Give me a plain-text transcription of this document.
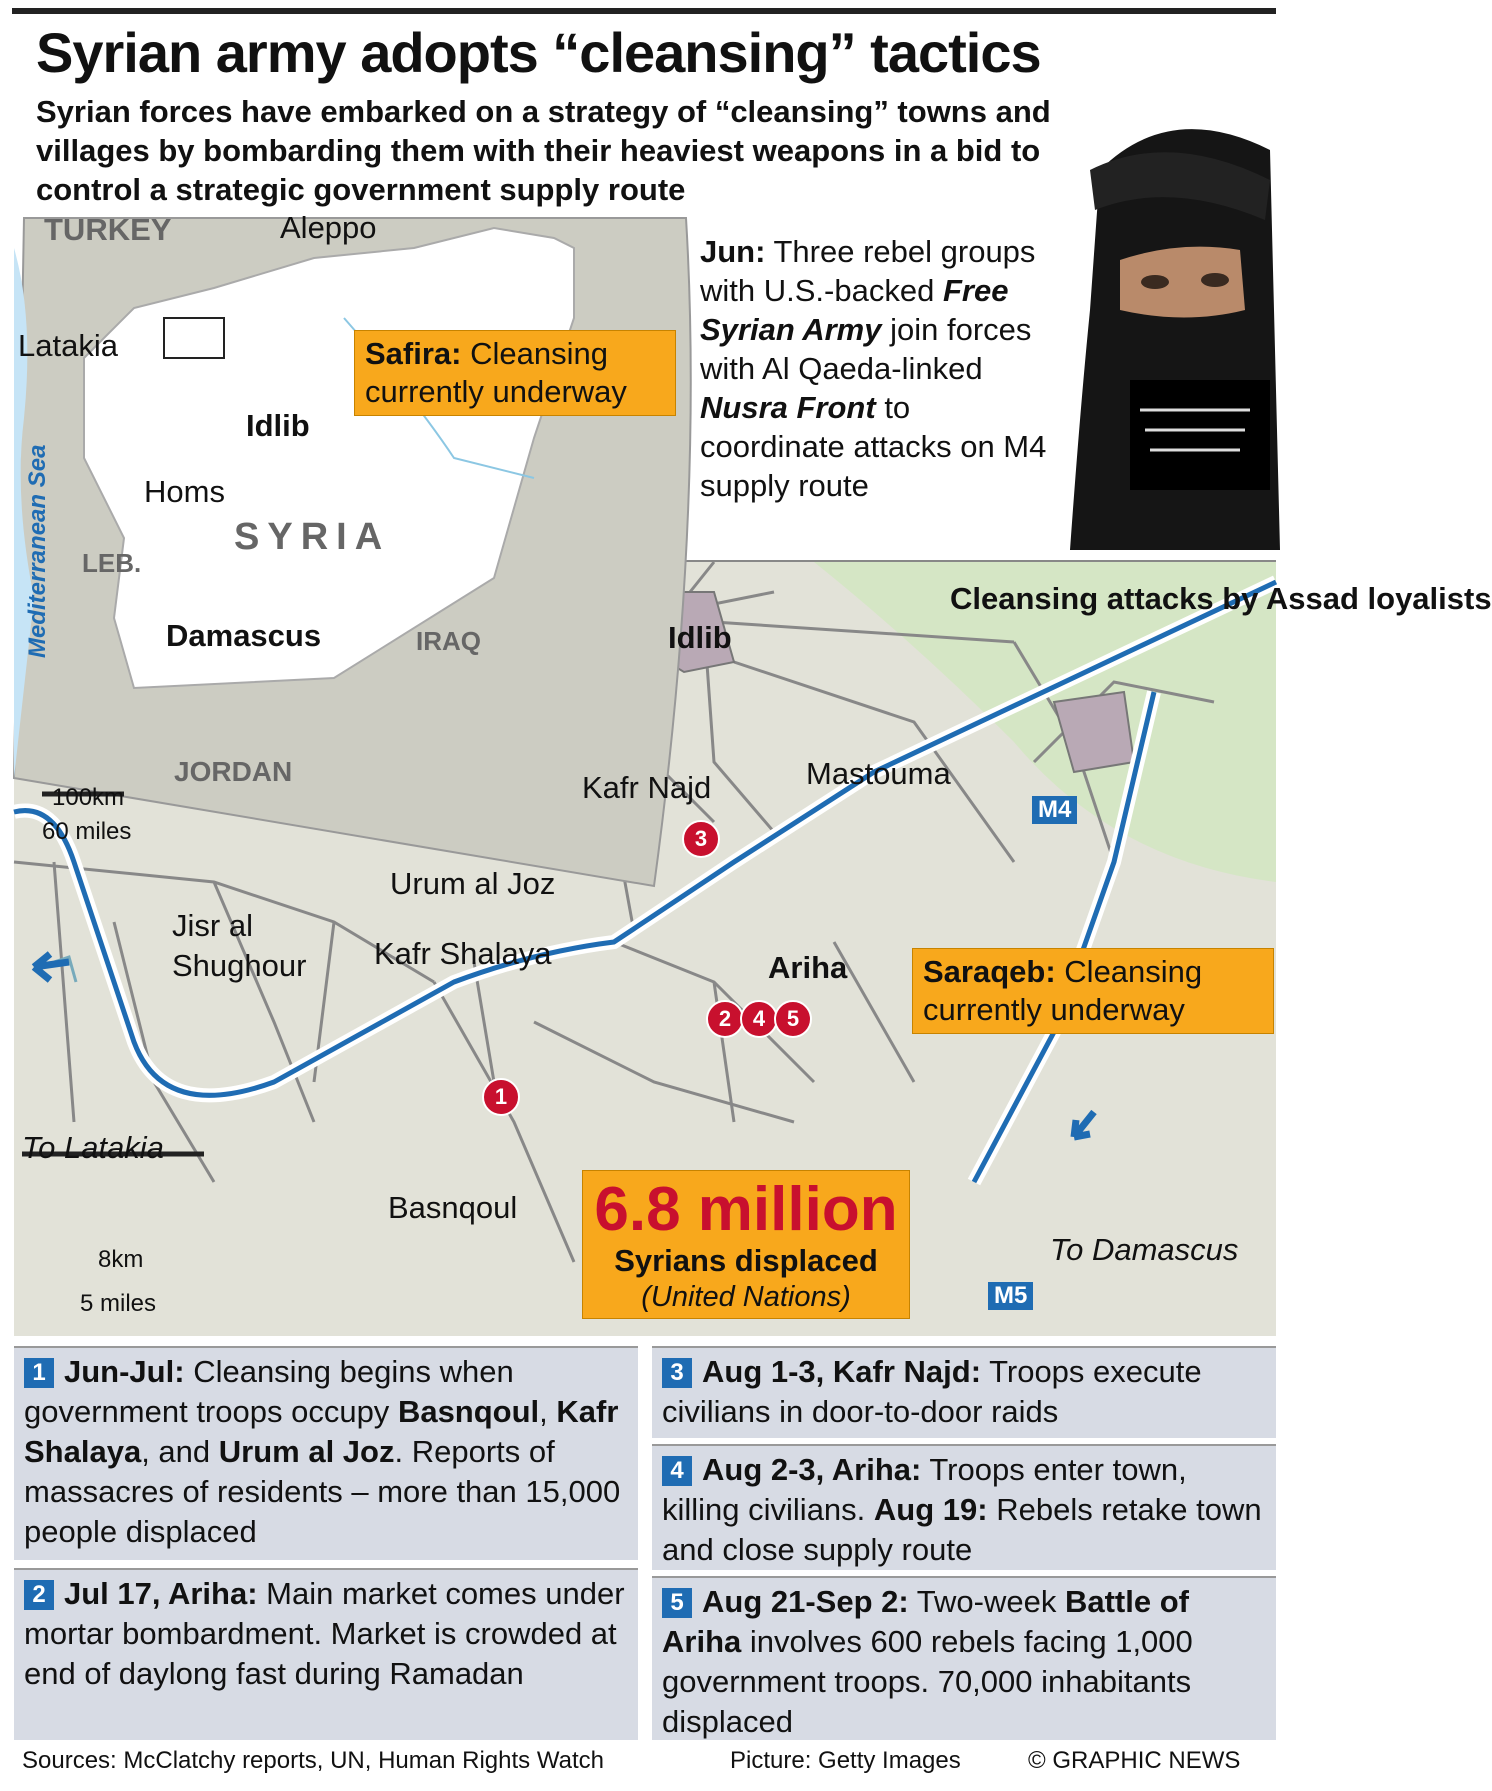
Syrian army adopts “cleansing” tactics
Syrian forces have embarked on a strategy of “cleansing” towns and villages by bombarding them with their heaviest weapons in a bid to control a strategic government supply route
Jun: Three rebel groups with U.S.-backed Free Syrian Army join forces with Al Qaeda-linked Nusra Front to coordinate attacks on M4 supply route
TURKEY	Aleppo
Latakia
Idlib
Homs
SYRIA
LEB.
Damascus	IRAQ
JORDAN
100km
60 miles
Mediterranean Sea
Safira: Cleansing currently underway
Cleansing attacks by Assad loyalists
Idlib
Mastouma
Kafr Najd
M4
M5
Urum al Joz
Jisr al Shughour	Kafr Shalaya	Ariha
To Latakia
To Damascus
Basnqoul
8km
5 miles
Saraqeb: Cleansing currently underway
1
3
2 4 5
6.8 million
Syrians displaced
(United Nations)
1 Jun-Jul: Cleansing begins when government troops occupy Basnqoul, Kafr Shalaya, and Urum al Joz. Reports of massacres of residents – more than 15,000 people displaced
2 Jul 17, Ariha: Main market comes under mortar bombardment. Market is crowded at end of daylong fast during Ramadan
3 Aug 1-3, Kafr Najd: Troops execute civilians in door-to-door raids
4 Aug 2-3, Ariha: Troops enter town, killing civilians. Aug 19: Rebels retake town and close supply route
5 Aug 21-Sep 2: Two-week Battle of Ariha involves 600 rebels facing 1,000 government troops. 70,000 inhabitants displaced
Sources: McClatchy reports, UN, Human Rights Watch	Picture: Getty Images	© GRAPHIC NEWS
